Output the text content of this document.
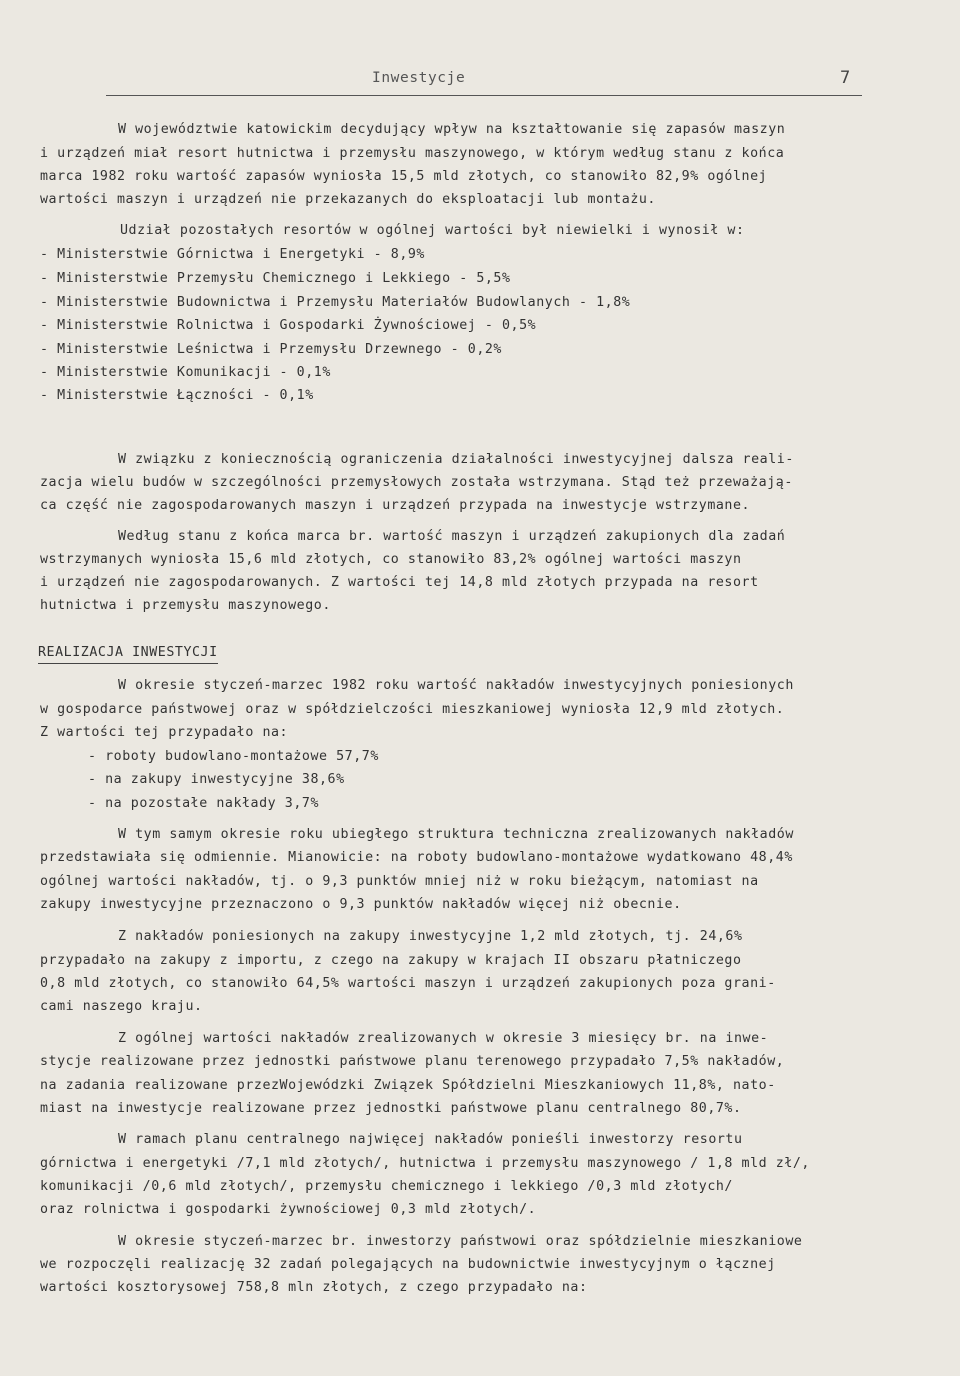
Inwestycje	7
W województwie katowickim decydujący wpływ na kształtowanie się zapasów maszyn
i urządzeń miał resort hutnictwa i przemysłu maszynowego, w którym według stanu z końca
marca 1982 roku wartość zapasów wyniosła 15,5 mld złotych, co stanowiło 82,9% ogólnej
wartości maszyn i urządzeń nie przekazanych do eksploatacji lub montażu.
Udział pozostałych resortów w ogólnej wartości był niewielki i wynosił w:
- Ministerstwie Górnictwa i Energetyki - 8,9%
- Ministerstwie Przemysłu Chemicznego i Lekkiego - 5,5%
- Ministerstwie Budownictwa i Przemysłu Materiałów Budowlanych - 1,8%
- Ministerstwie Rolnictwa i Gospodarki Żywnościowej - 0,5%
- Ministerstwie Leśnictwa i Przemysłu Drzewnego - 0,2%
- Ministerstwie Komunikacji - 0,1%
- Ministerstwie Łączności - 0,1%
W związku z koniecznością ograniczenia działalności inwestycyjnej dalsza reali-
zacja wielu budów w szczególności przemysłowych została wstrzymana. Stąd też przeważają-
ca część nie zagospodarowanych maszyn i urządzeń przypada na inwestycje wstrzymane.
Według stanu z końca marca br. wartość maszyn i urządzeń zakupionych dla zadań
wstrzymanych wyniosła 15,6 mld złotych, co stanowiło 83,2% ogólnej wartości maszyn
i urządzeń nie zagospodarowanych. Z wartości tej 14,8 mld złotych przypada na resort
hutnictwa i przemysłu maszynowego.
REALIZACJA INWESTYCJI
W okresie styczeń-marzec 1982 roku wartość nakładów inwestycyjnych poniesionych
w gospodarce państwowej oraz w spółdzielczości mieszkaniowej wyniosła 12,9 mld złotych.
Z wartości tej przypadało na:
- roboty budowlano-montażowe 57,7%
- na zakupy inwestycyjne 38,6%
- na pozostałe nakłady 3,7%
W tym samym okresie roku ubiegłego struktura technicznа zrealizowanych nakładów
przedstawiała się odmiennie. Mianowicie: na roboty budowlano-montażowe wydatkowano 48,4%
ogólnej wartości nakładów, tj. o 9,3 punktów mniej niż w roku bieżącym, natomiast na
zakupy inwestycyjne przeznaczono o 9,3 punktów nakładów więcej niż obecnie.
Z nakładów poniesionych na zakupy inwestycyjne 1,2 mld złotych, tj. 24,6%
przypadało na zakupy z importu, z czego na zakupy w krajach II obszaru płatniczego
0,8 mld złotych, co stanowiło 64,5% wartości maszyn i urządzeń zakupionych poza grani-
cami naszego kraju.
Z ogólnej wartości nakładów zrealizowanych w okresie 3 miesięcy br. na inwe-
stycje realizowane przez jednostki państwowe planu terenowego przypadało 7,5% nakładów,
na zadania realizowane przezWojewódzki Związek Spółdzielni Mieszkaniowych 11,8%, nato-
miast na inwestycje realizowane przez jednostki państwowe planu centralnego 80,7%.
W ramach planu centralnego najwięcej nakładów ponieśli inwestorzy resortu
górnictwa i energetyki /7,1 mld złotych/, hutnictwa i przemysłu maszynowego / 1,8 mld zł/,
komunikacji /0,6 mld złotych/, przemysłu chemicznego i lekkiego /0,3 mld złotych/
oraz rolnictwa i gospodarki żywnościowej 0,3 mld złotych/.
W okresie styczeń-marzec br. inwestorzy państwowi oraz spółdzielnie mieszkaniowe
we rozpoczęli realizację 32 zadań polegających na budownictwie inwestycyjnym o łącznej
wartości kosztorysowej 758,8 mln złotych, z czego przypadało na:
